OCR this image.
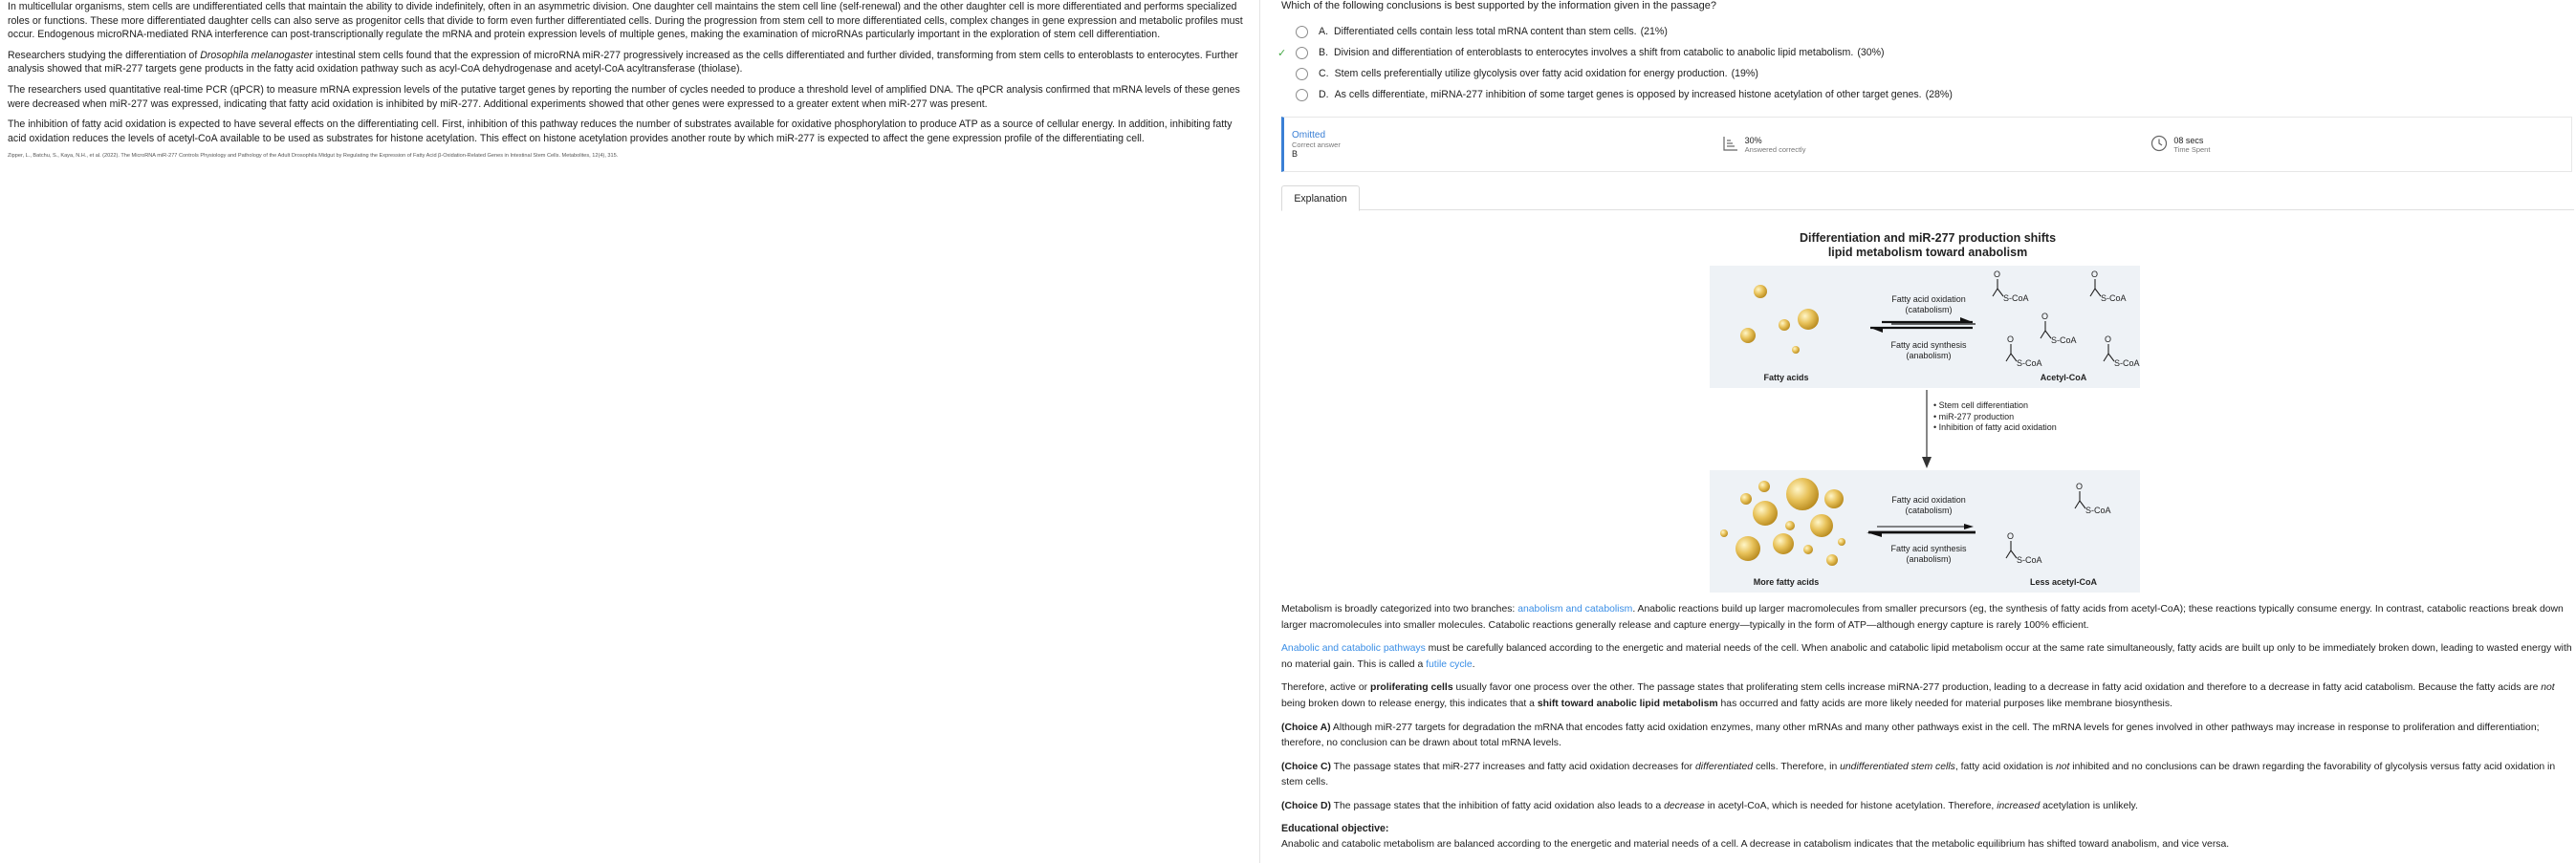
In multicellular organisms, stem cells are undifferentiated cells that maintain the ability to divide indefinitely, often in an asymmetric division. One daughter cell maintains the stem cell line (self-renewal) and the other daughter cell is more differentiated and performs specialized roles or functions. These more differentiated daughter cells can also serve as progenitor cells that divide to form even further differentiated cells. During the progression from stem cell to more differentiated cells, complex changes in gene expression and metabolic profiles must occur. Endogenous microRNA-mediated RNA interference can post-transcriptionally regulate the mRNA and protein expression levels of multiple genes, making the examination of microRNAs particularly important in the exploration of stem cell differentiation.

Researchers studying the differentiation of Drosophila melanogaster intestinal stem cells found that the expression of microRNA miR-277 progressively increased as the cells differentiated and further divided, transforming from stem cells to enteroblasts to enterocytes. Further analysis showed that miR-277 targets gene products in the fatty acid oxidation pathway such as acyl-CoA dehydrogenase and acetyl-CoA acyltransferase (thiolase).

The researchers used quantitative real-time PCR (qPCR) to measure mRNA expression levels of the putative target genes by reporting the number of cycles needed to produce a threshold level of amplified DNA. The qPCR analysis confirmed that mRNA levels of these genes were decreased when miR-277 was expressed, indicating that fatty acid oxidation is inhibited by miR-277. Additional experiments showed that other genes were expressed to a greater extent when miR-277 was present.

The inhibition of fatty acid oxidation is expected to have several effects on the differentiating cell. First, inhibition of this pathway reduces the number of substrates available for oxidative phosphorylation to produce ATP as a source of cellular energy. In addition, inhibiting fatty acid oxidation reduces the levels of acetyl-CoA available to be used as substrates for histone acetylation. This effect on histone acetylation provides another route by which miR-277 is expected to affect the gene expression profile of the differentiating cell.

Zipper, L., Batchu, S., Kaya, N.H., et al. (2022). The MicroRNA miR-277 Controls Physiology and Pathology of the Adult Drosophila Midgut by Regulating the Expression of Fatty Acid β-Oxidation-Related Genes in Intestinal Stem Cells. Metabolites, 12(4), 315.
Which of the following conclusions is best supported by the information given in the passage?
A. Differentiated cells contain less total mRNA content than stem cells. (21%)
✓	B. Division and differentiation of enteroblasts to enterocytes involves a shift from catabolic to anabolic lipid metabolism. (30%)
C. Stem cells preferentially utilize glycolysis over fatty acid oxidation for energy production. (19%)
D. As cells differentiate, miRNA-277 inhibition of some target genes is opposed by increased histone acetylation of other target genes. (28%)
Omitted
Correct answer
B
30%
Answered correctly
08 secs
Time Spent
Explanation
Differentiation and miR-277 production shifts
lipid metabolism toward anabolism
Fatty acid oxidation
(catabolism)
Fatty acid synthesis
(anabolism)
O
S-CoA
O
S-CoA
O
S-CoA
O
S-CoA
O
S-CoA
Fatty acids	Acetyl-CoA
• Stem cell differentiation
• miR-277 production
• Inhibition of fatty acid oxidation
Fatty acid oxidation
(catabolism)
Fatty acid synthesis
(anabolism)
O
S-CoA
O
S-CoA
More fatty acids	Less acetyl-CoA

Metabolism is broadly categorized into two branches: anabolism and catabolism. Anabolic reactions build up larger macromolecules from smaller precursors (eg, the synthesis of fatty acids from acetyl-CoA); these reactions typically consume energy. In contrast, catabolic reactions break down larger macromolecules into smaller molecules. Catabolic reactions generally release and capture energy—typically in the form of ATP—although energy capture is rarely 100% efficient.

Anabolic and catabolic pathways must be carefully balanced according to the energetic and material needs of the cell. When anabolic and catabolic lipid metabolism occur at the same rate simultaneously, fatty acids are built up only to be immediately broken down, leading to wasted energy with no material gain. This is called a futile cycle.

Therefore, active or proliferating cells usually favor one process over the other. The passage states that proliferating stem cells increase miRNA-277 production, leading to a decrease in fatty acid oxidation and therefore to a decrease in fatty acid catabolism. Because the fatty acids are not being broken down to release energy, this indicates that a shift toward anabolic lipid metabolism has occurred and fatty acids are more likely needed for material purposes like membrane biosynthesis.

(Choice A) Although miR-277 targets for degradation the mRNA that encodes fatty acid oxidation enzymes, many other mRNAs and many other pathways exist in the cell. The mRNA levels for genes involved in other pathways may increase in response to proliferation and differentiation; therefore, no conclusion can be drawn about total mRNA levels.

(Choice C) The passage states that miR-277 increases and fatty acid oxidation decreases for differentiated cells. Therefore, in undifferentiated stem cells, fatty acid oxidation is not inhibited and no conclusions can be drawn regarding the favorability of glycolysis versus fatty acid oxidation in stem cells.

(Choice D) The passage states that the inhibition of fatty acid oxidation also leads to a decrease in acetyl-CoA, which is needed for histone acetylation. Therefore, increased acetylation is unlikely.

Educational objective:

Anabolic and catabolic metabolism are balanced according to the energetic and material needs of a cell. A decrease in catabolism indicates that the metabolic equilibrium has shifted toward anabolism, and vice versa.
